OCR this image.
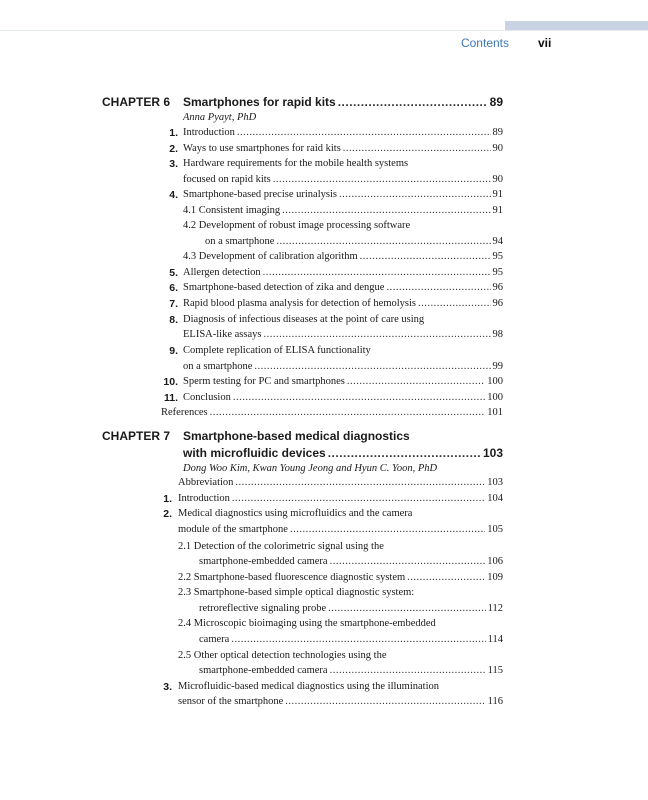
Contents vii
CHAPTER 6 Smartphones for rapid kits .....	89
Anna Pyayt, PhD
1. Introduction .....	89
2. Ways to use smartphones for raid kits .....	90
3. Hardware requirements for the mobile health systems
focused on rapid kits .....	90
4. Smartphone-based precise urinalysis .....	91
4.1 Consistent imaging .....	91
4.2 Development of robust image processing software
on a smartphone .....	94
4.3 Development of calibration algorithm .....	95
5. Allergen detection .....	95
6. Smartphone-based detection of zika and dengue .....	96
7. Rapid blood plasma analysis for detection of hemolysis .....	96
8. Diagnosis of infectious diseases at the point of care using
ELISA-like assays .....	98
9. Complete replication of ELISA functionality
on a smartphone .....	99
10. Sperm testing for PC and smartphones .....	100
11. Conclusion .....	100
References .....	101
CHAPTER 7 Smartphone-based medical diagnostics
with microfluidic devices .....	103
Dong Woo Kim, Kwan Young Jeong and Hyun C. Yoon, PhD
Abbreviation .....	103
1. Introduction .....	104
2. Medical diagnostics using microfluidics and the camera
module of the smartphone .....	105
2.1 Detection of the colorimetric signal using the
smartphone-embedded camera .....	106
2.2 Smartphone-based fluorescence diagnostic system .....	109
2.3 Smartphone-based simple optical diagnostic system:
retroreflective signaling probe .....	112
2.4 Microscopic bioimaging using the smartphone-embedded
camera .....	114
2.5 Other optical detection technologies using the
smartphone-embedded camera .....	115
3. Microfluidic-based medical diagnostics using the illumination
sensor of the smartphone .....	116
